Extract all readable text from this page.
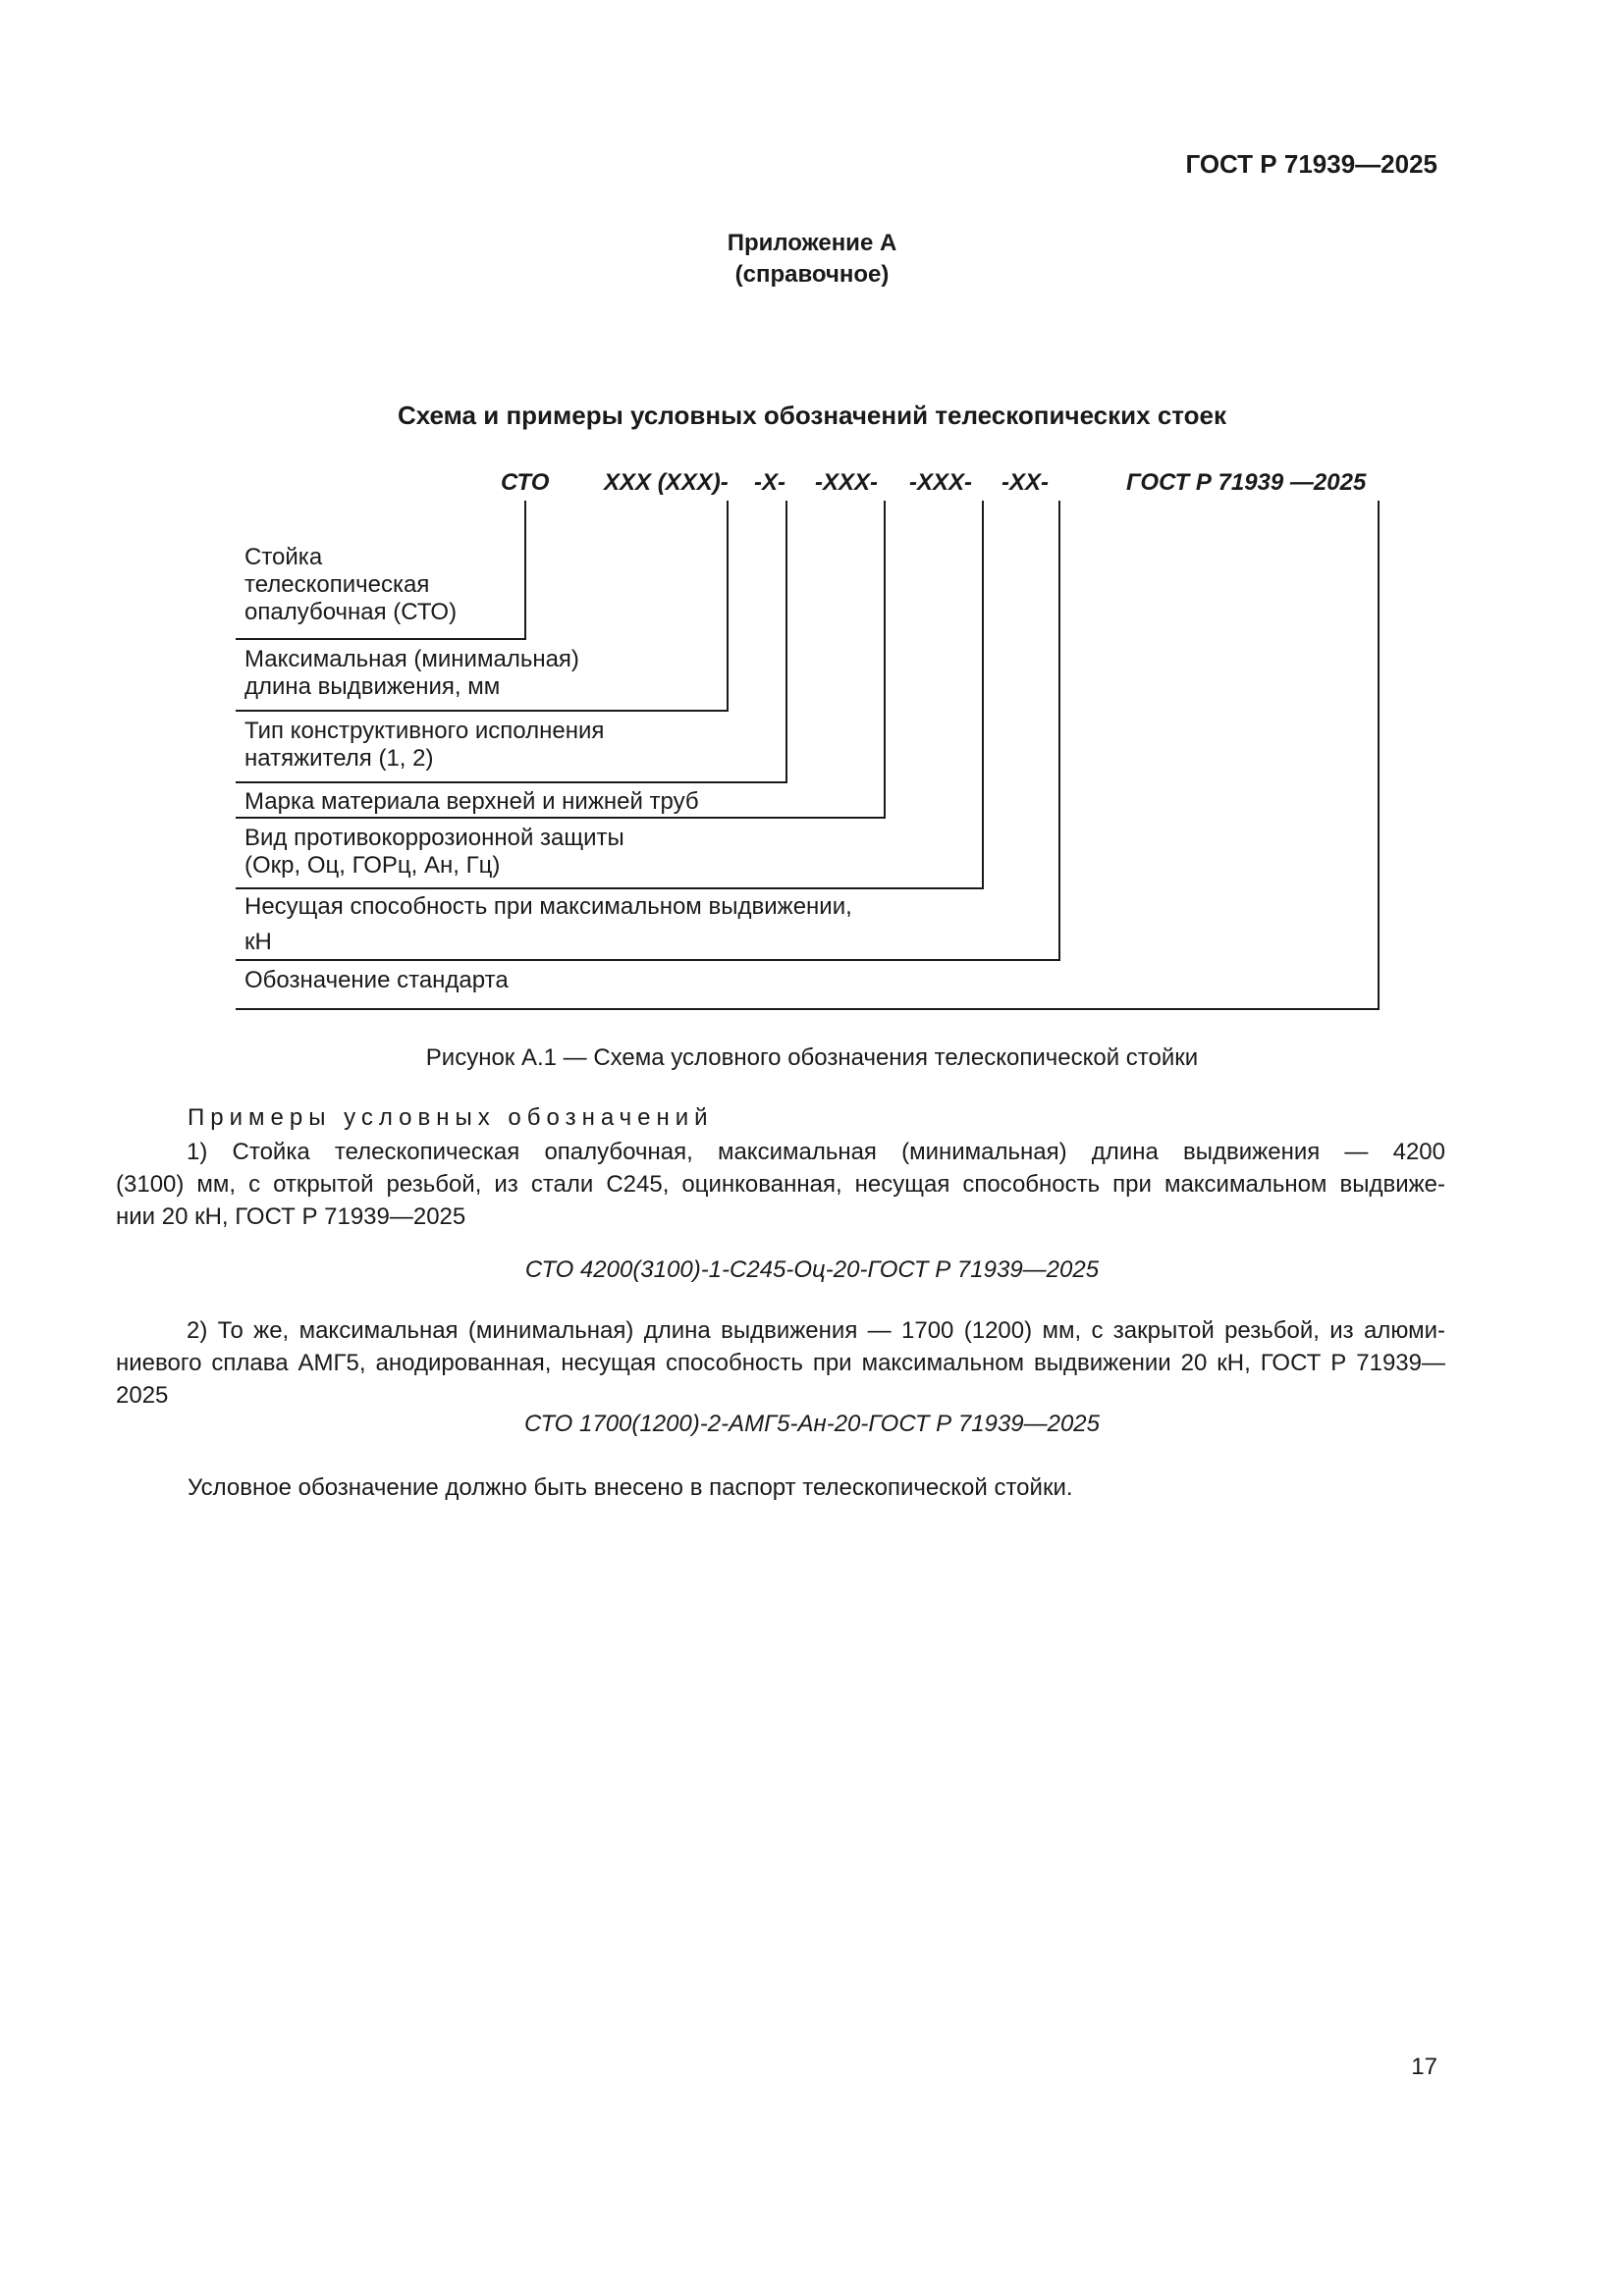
ГОСТ Р 71939—2025
Приложение А
(справочное)
Схема и примеры условных обозначений телескопических стоек
СТО ХХХ (ХХХ)- -Х- -ХХХ- -ХХХ- -ХХ-	ГОСТ Р 71939 —2025
Стойка
телескопическая
опалубочная (СТО)
Максимальная (минимальная)
длина выдвижения, мм
Тип конструктивного исполнения
натяжителя (1, 2)
Марка материала верхней и нижней труб
Вид противокоррозионной защиты
(Окр, Оц, ГОРц, Ан, Гц)
Несущая способность при максимальном выдвижении,
кН
Обозначение стандарта
Рисунок А.1 — Схема условного обозначения телескопической стойки
Примеры условных обозначений
1) Стойка телескопическая опалубочная, максимальная (минимальная) длина выдвижения — 4200
(3100) мм, с открытой резьбой, из стали С245, оцинкованная, несущая способность при максимальном выдвиже-
нии 20 кН, ГОСТ Р 71939—2025
СТО 4200(3100)-1-С245-Оц-20-ГОСТ Р 71939—2025
2) То же, максимальная (минимальная) длина выдвижения — 1700 (1200) мм, с закрытой резьбой, из алюми-
ниевого сплава АМГ5, анодированная, несущая способность при максимальном выдвижении 20 кН, ГОСТ Р 71939—
2025
СТО 1700(1200)-2-АМГ5-Ан-20-ГОСТ Р 71939—2025
Условное обозначение должно быть внесено в паспорт телескопической стойки.
17
